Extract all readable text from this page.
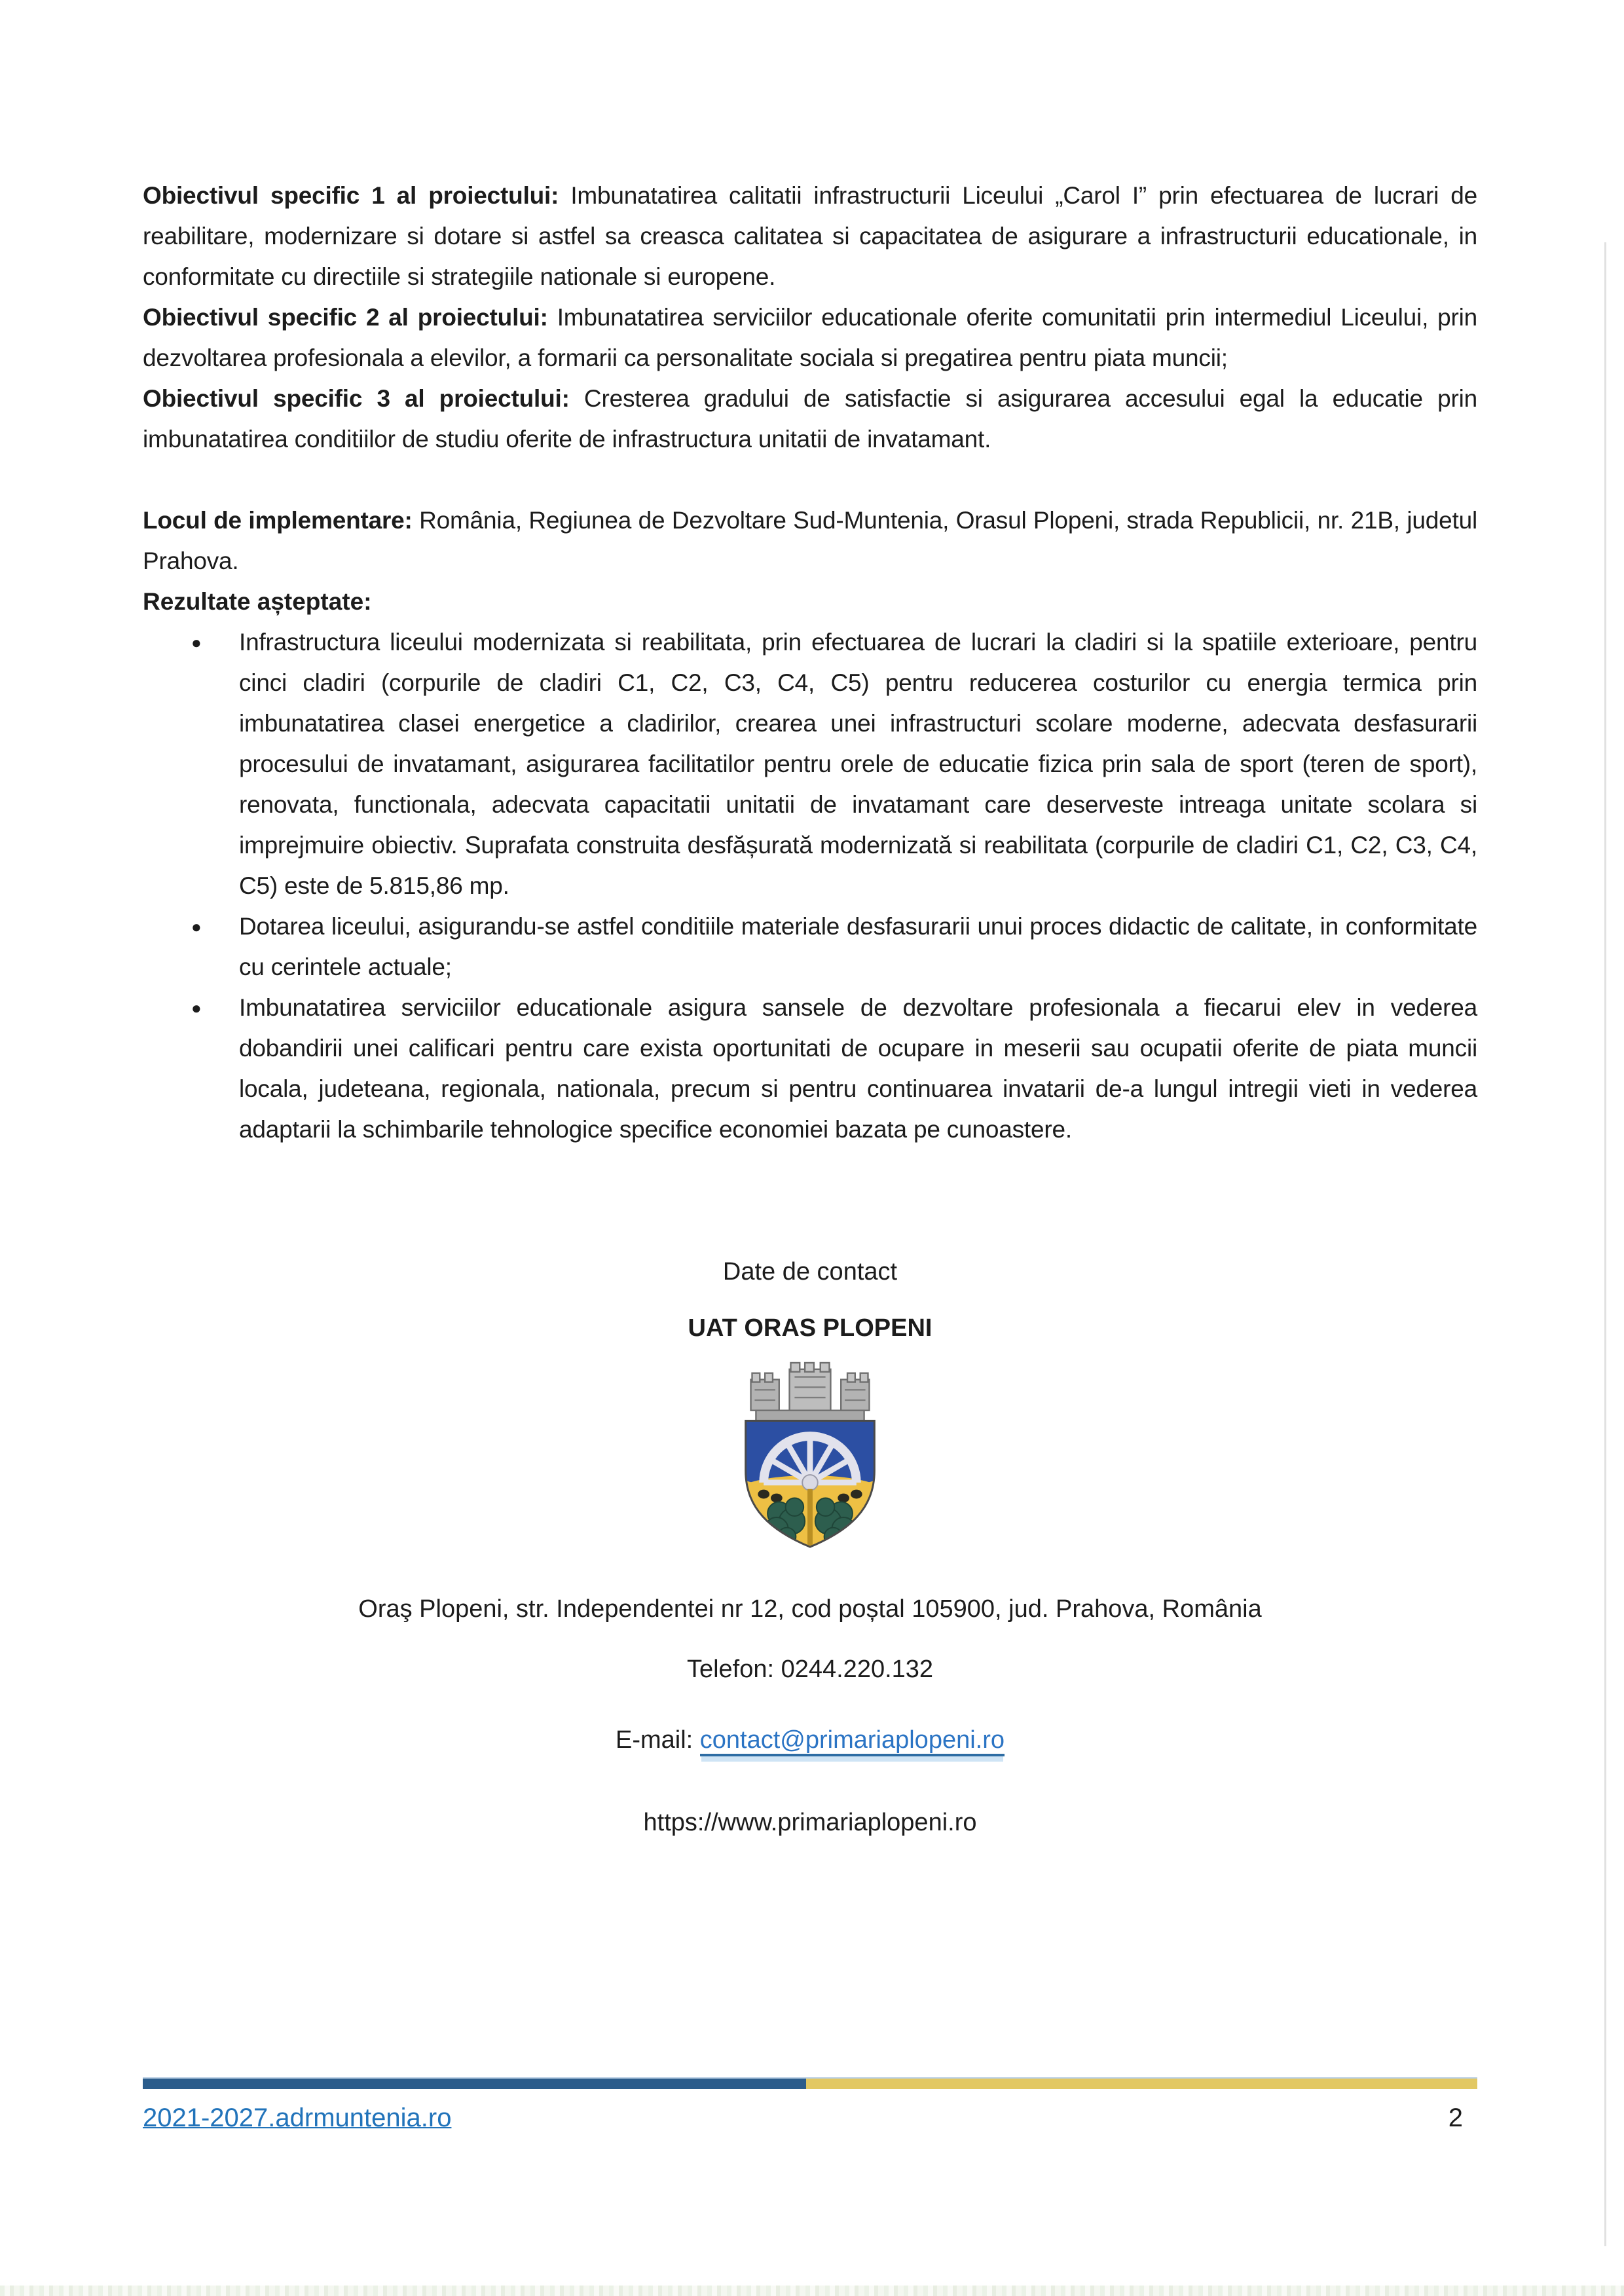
Obiectivul specific 1 al proiectului: Imbunatatirea calitatii infrastructurii Liceului „Carol I” prin efectuarea de lucrari de reabilitare, modernizare si dotare si astfel sa creasca calitatea si capacitatea de asigurare a infrastructurii educationale, in conformitate cu directiile si strategiile nationale si europene.

Obiectivul specific 2 al proiectului: Imbunatatirea serviciilor educationale oferite comunitatii prin intermediul Liceului, prin dezvoltarea profesionala a elevilor, a formarii ca personalitate sociala si pregatirea pentru piata muncii;

Obiectivul specific 3 al proiectului: Cresterea gradului de satisfactie si asigurarea accesului egal la educatie prin imbunatatirea conditiilor de studiu oferite de infrastructura unitatii de invatamant.

Locul de implementare: România, Regiunea de Dezvoltare Sud-Muntenia, Orasul Plopeni, strada Republicii, nr. 21B, judetul Prahova.

Rezultate așteptate:

● Infrastructura liceului modernizata si reabilitata, prin efectuarea de lucrari la cladiri si la spatiile exterioare, pentru cinci cladiri (corpurile de cladiri C1, C2, C3, C4, C5) pentru reducerea costurilor cu energia termica prin imbunatatirea clasei energetice a cladirilor, crearea unei infrastructuri scolare moderne, adecvata desfasurarii procesului de invatamant, asigurarea facilitatilor pentru orele de educatie fizica prin sala de sport (teren de sport), renovata, functionala, adecvata capacitatii unitatii de invatamant care deserveste intreaga unitate scolara si imprejmuire obiectiv. Suprafata construita desfășurată modernizată si reabilitata (corpurile de cladiri C1, C2, C3, C4, C5) este de 5.815,86 mp.
● Dotarea liceului, asigurandu-se astfel conditiile materiale desfasurarii unui proces didactic de calitate, in conformitate cu cerintele actuale;
● Imbunatatirea serviciilor educationale asigura sansele de dezvoltare profesionala a fiecarui elev in vederea dobandirii unei calificari pentru care exista oportunitati de ocupare in meserii sau ocupatii oferite de piata muncii locala, judeteana, regionala, nationala, precum si pentru continuarea invatarii de-a lungul intregii vieti in vederea adaptarii la schimbarile tehnologice specifice economiei bazata pe cunoastere.

Date de contact

UAT ORAS PLOPENI

Oraş Plopeni, str. Independentei nr 12, cod poștal 105900, jud. Prahova, România

Telefon: 0244.220.132

E-mail: contact@primariaplopeni.ro

https://www.primariaplopeni.ro

2021-2027.adrmuntenia.ro	2
